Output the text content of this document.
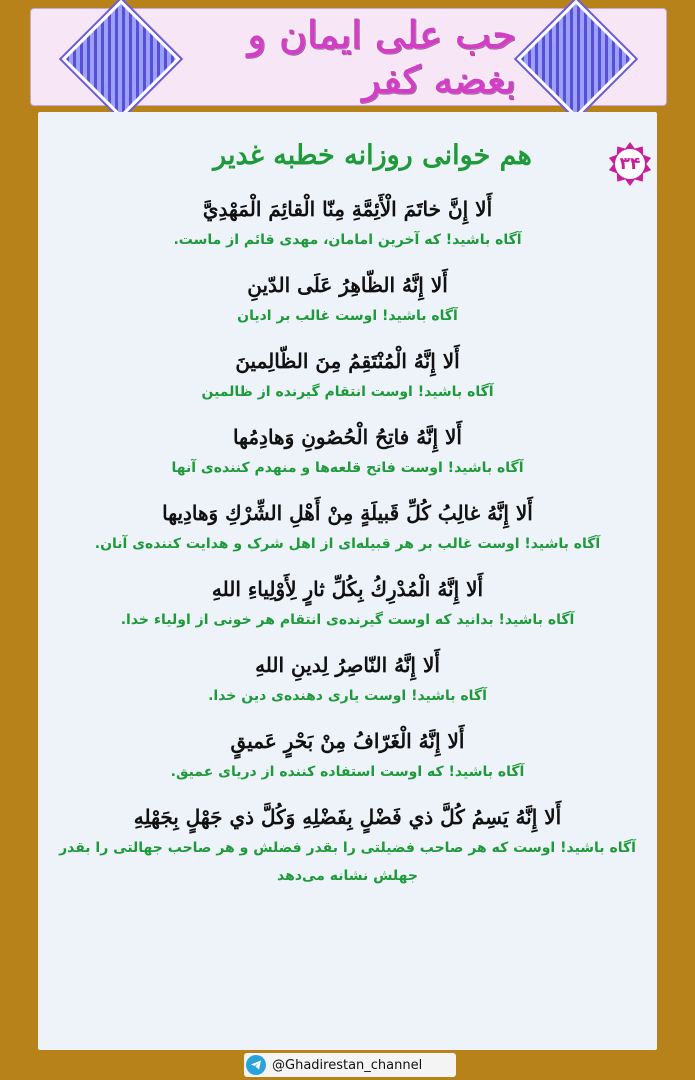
حب علی ایمان و بغضه کفر
هم خوانی روزانه خطبه غدیر	۳۴
أَلا إِنَّ خاتَمَ الْأَئِمَّةِ مِنّا الْقائِمَ الْمَهْدِيَّ
آگاه باشید! که آخرین امامان، مهدی قائم از ماست.
أَلا إِنَّهُ الظّاهِرُ عَلَى الدّينِ
آگاه باشید! اوست غالب بر ادیان
أَلا إِنَّهُ الْمُنْتَقِمُ مِنَ الظّالِمينَ
آگاه باشید! اوست انتقام گیرنده از ظالمین
أَلا إِنَّهُ فاتِحُ الْحُصُونِ وَهادِمُها
آگاه باشید! اوست فاتح قلعه‌ها و منهدم کننده‌ی آنها
أَلا إِنَّهُ غالِبُ كُلِّ قَبيلَةٍ مِنْ أَهْلِ الشِّرْكِ وَهادِيها
آگاه باشید! اوست غالب بر هر قبیله‌ای از اهل شرک و هدایت کننده‌ی آنان.
أَلا إِنَّهُ الْمُدْرِكُ بِكُلِّ ثارٍ لِأَوْلِياءِ اللهِ
آگاه باشید! بدانید که اوست گیرنده‌ی انتقام هر خونی از اولیاء خدا.
أَلا إِنَّهُ النّاصِرُ لِدينِ اللهِ
آگاه باشید! اوست یاری دهنده‌ی دین خدا.
أَلا إِنَّهُ الْغَرّافُ مِنْ بَحْرٍ عَميقٍ
آگاه باشید! که اوست استفاده کننده از دریای عمیق.
أَلا إِنَّهُ يَسِمُ كُلَّ ذي فَضْلٍ بِفَضْلِهِ وَكُلَّ ذي جَهْلٍ بِجَهْلِهِ
آگاه باشید! اوست که هر صاحب فضیلتی را بقدر فضلش و هر صاحب جهالتی را بقدر جهلش نشانه می‌دهد
@Ghadirestan_channel
